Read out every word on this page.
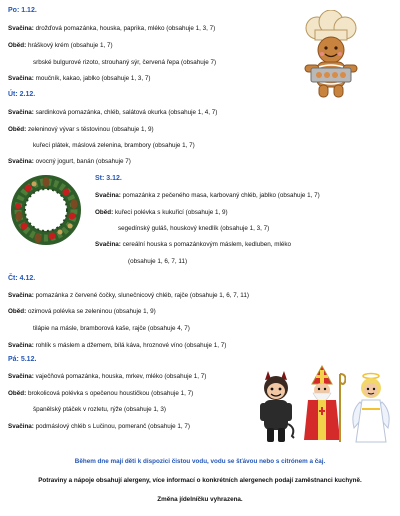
Po: 1.12.
Svačina: drožďová pomazánka, houska, paprika, mléko (obsahuje 1, 3, 7)
Oběd: hráškový krém (obsahuje 1, 7)
srbské bulgurové rizoto, strouhaný sýr, červená řepa (obsahuje 7)
Svačina: moučník, kakao, jablko (obsahuje 1, 3, 7)
Út: 2.12.
Svačina: sardinková pomazánka, chléb, salátová okurka (obsahuje 1, 4, 7)
Oběd: zeleninový vývar s těstovinou (obsahuje 1, 9)
kuřecí plátek, máslová zelenina, brambory (obsahuje 1, 7)
Svačina: ovocný jogurt, banán (obsahuje 7)
St: 3.12.
Svačina: pomazánka z pečeného masa, karbovaný chléb, jablko (obsahuje 1, 7)
Oběd: kuřecí polévka s kukuřicí (obsahuje 1, 9)
segedínský guláš, houskový knedlík (obsahuje 1, 3, 7)
Svačina: cereální houska s pomazánkovým máslem, kedluben, mléko
(obsahuje 1, 6, 7, 11)
Čt: 4.12.
Svačina: pomazánka z červené čočky, slunečnicový chléb, rajče (obsahuje 1, 6, 7, 11)
Oběd: ozimová polévka se zeleninou (obsahuje 1, 9)
tilápie na másle, bramborová kaše, rajče (obsahuje 4, 7)
Svačina: rohlík s máslem a džemem, bílá káva, hroznové víno (obsahuje 1, 7)
Pá: 5.12.
Svačina: vaječňová pomazánka, houska, mrkev, mléko (obsahuje 1, 7)
Oběd: brokolicová polévka s opečenou houstičkou (obsahuje 1, 7)
španělský ptáček v rozletu, rýže (obsahuje 1, 3)
Svačina: podmáslový chléb s Lučinou, pomeranč (obsahuje 1, 7)
Během dne mají děti k dispozici čistou vodu, vodu se šťávou nebo s citrónem a čaj.
Potraviny a nápoje obsahují alergeny, více informací o konkrétních alergenech podají zaměstnanci kuchyně.
Změna jídelníčku vyhrazena.
